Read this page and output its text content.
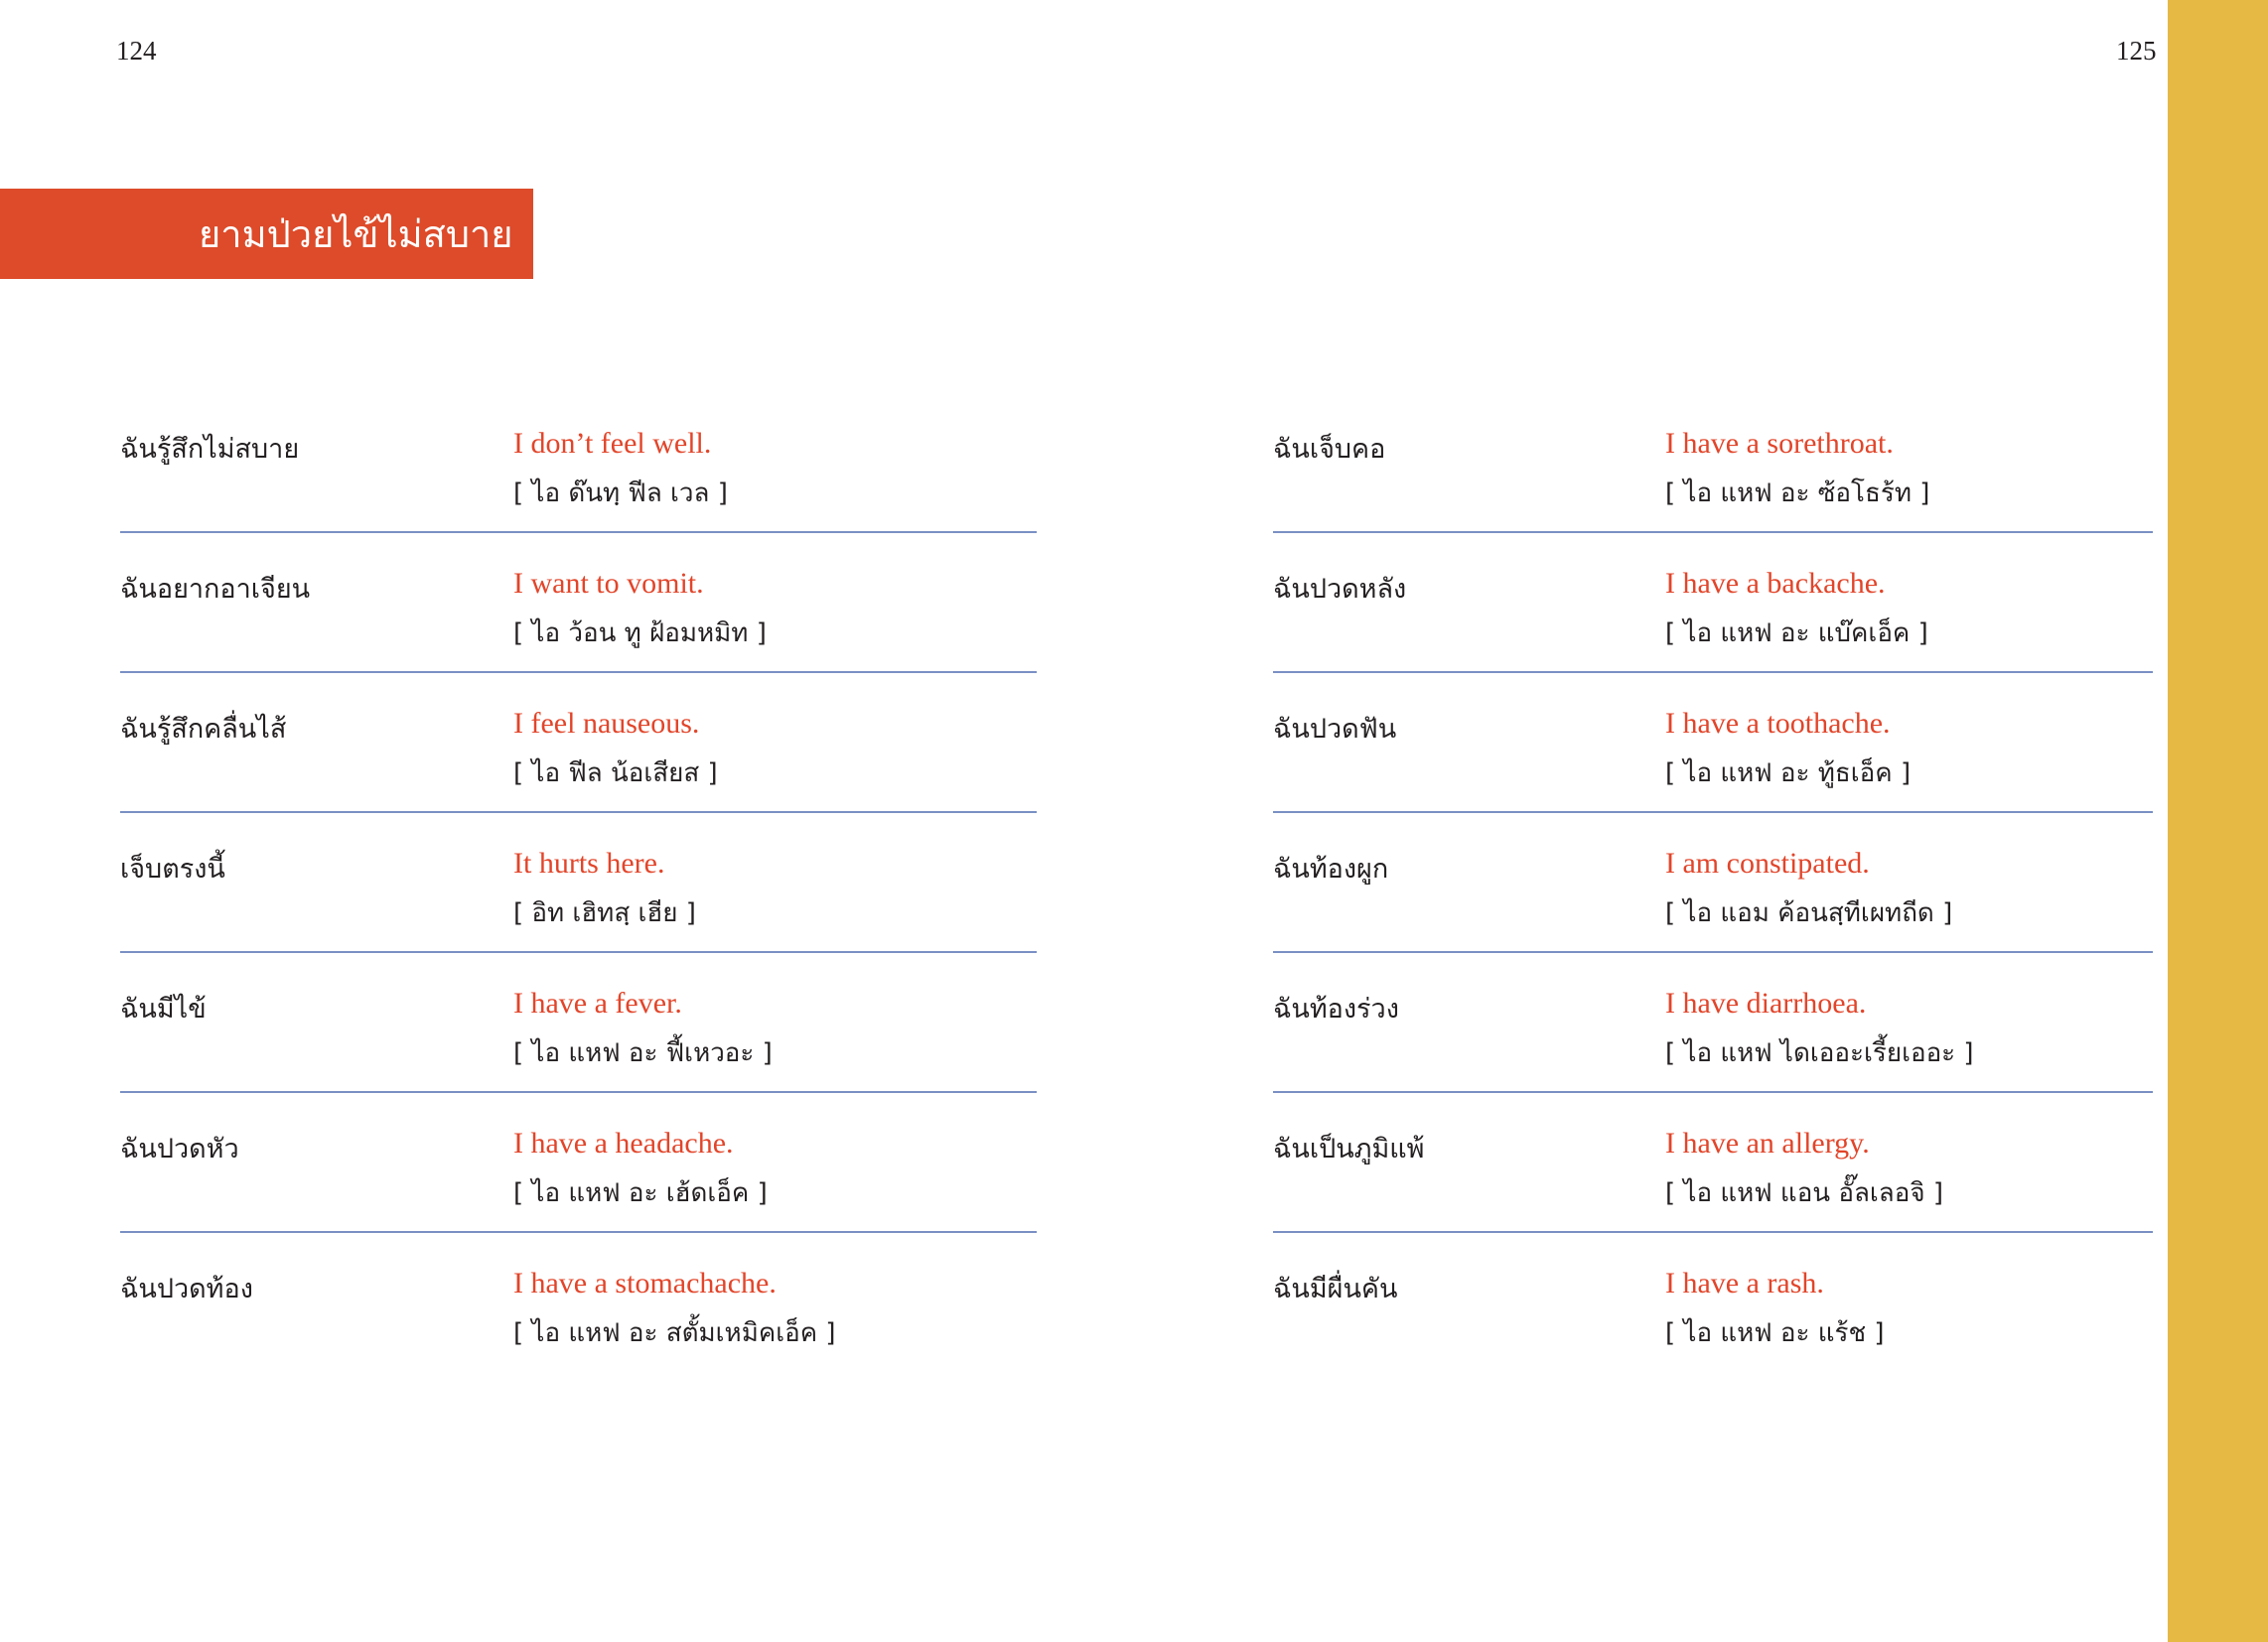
124	125
ยามป่วยไข้ไม่สบาย
ฉันรู้สึกไม่สบาย	I don’t feel well.
[ ไอ ด๊นทฺ ฟีล เวล ]
ฉันอยากอาเจียน	I want to vomit.
[ ไอ ว้อน ทู ฝ้อมหมิท ]
ฉันรู้สึกคลื่นไส้	I feel nauseous.
[ ไอ ฟีล น้อเสียส ]
เจ็บตรงนี้	It hurts here.
[ อิท เฮิทสฺ เฮีย ]
ฉันมีไข้	I have a fever.
[ ไอ แหฟ อะ ฟี้เหวอะ ]
ฉันปวดหัว	I have a headache.
[ ไอ แหฟ อะ เฮ้ดเอ็ค ]
ฉันปวดท้อง	I have a stomachache.
[ ไอ แหฟ อะ สตั้มเหมิคเอ็ค ]
ฉันเจ็บคอ	I have a sorethroat.
[ ไอ แหฟ อะ ซ้อโธร้ท ]
ฉันปวดหลัง	I have a backache.
[ ไอ แหฟ อะ แบ๊คเอ็ค ]
ฉันปวดฟัน	I have a toothache.
[ ไอ แหฟ อะ ทู้ธเอ็ค ]
ฉันท้องผูก	I am constipated.
[ ไอ แอม ค้อนสฺทีเผทถีด ]
ฉันท้องร่วง	I have diarrhoea.
[ ไอ แหฟ ไดเออะเรี้ยเออะ ]
ฉันเป็นภูมิแพ้	I have an allergy.
[ ไอ แหฟ แอน อั๊ลเลอจิ ]
ฉันมีผื่นคัน	I have a rash.
[ ไอ แหฟ อะ แร้ช ]
